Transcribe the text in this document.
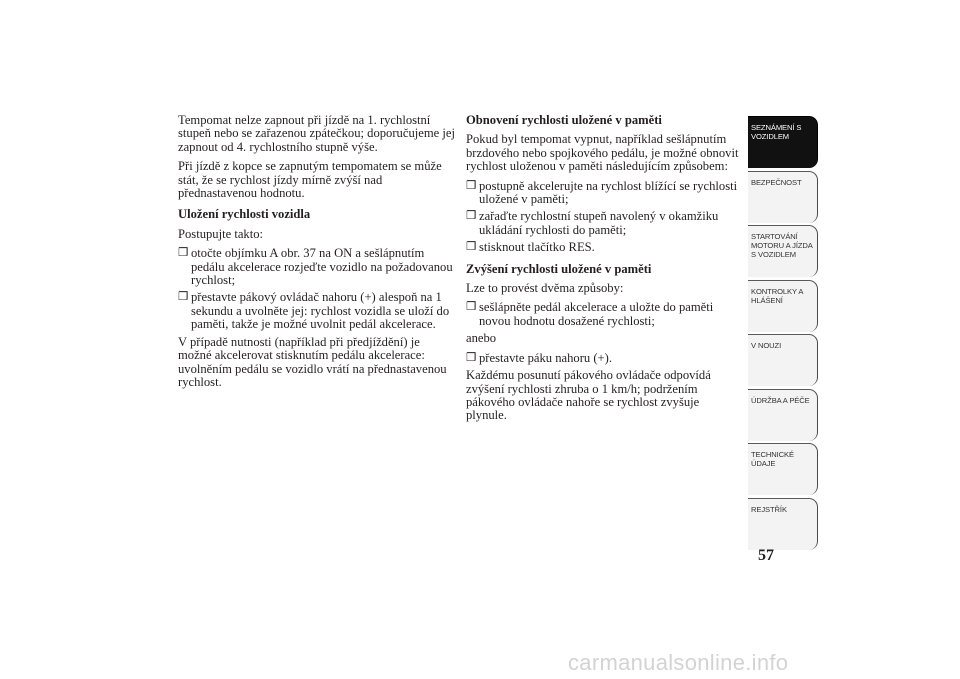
Tempomat nelze zapnout při jízdě na 1. rychlostní stupeň nebo se zařazenou zpátečkou; doporučujeme jej zapnout od 4. rychlostního stupně výše.

Při jízdě z kopce se zapnutým tempomatem se může stát, že se rychlost jízdy mírně zvýší nad přednastavenou hodnotu.

Uložení rychlosti vozidla

Postupujte takto:

❒ otočte objímku A obr. 37 na ON a sešlápnutím pedálu akcelerace rozjeďte vozidlo na požadovanou rychlost;
❒ přestavte pákový ovládač nahoru (+) alespoň na 1 sekundu a uvolněte jej: rychlost vozidla se uloží do paměti, takže je možné uvolnit pedál akcelerace.

V případě nutnosti (například při předjíždění) je možné akcelerovat stisknutím pedálu akcelerace: uvolněním pedálu se vozidlo vrátí na přednastavenou rychlost.

Obnovení rychlosti uložené v paměti

Pokud byl tempomat vypnut, například sešlápnutím brzdového nebo spojkového pedálu, je možné obnovit rychlost uloženou v paměti následujícím způsobem:

❒ postupně akcelerujte na rychlost blížící se rychlosti uložené v paměti;
❒ zařaďte rychlostní stupeň navolený v okamžiku ukládání rychlosti do paměti;
❒ stisknout tlačítko RES.
Zvýšení rychlosti uložené v paměti

Lze to provést dvěma způsoby:

❒ sešlápněte pedál akcelerace a uložte do paměti novou hodnotu dosažené rychlosti;

anebo

❒ přestavte páku nahoru (+).

Každému posunutí pákového ovládače odpovídá zvýšení rychlosti zhruba o 1 km/h; podržením pákového ovládače nahoře se rychlost zvyšuje plynule.

SEZNÁMENÍ S VOZIDLEM
BEZPEČNOST
STARTOVÁNÍ MOTORU A JÍZDA S VOZIDLEM
KONTROLKY A HLÁŠENÍ
V NOUZI
ÚDRŽBA A PÉČE
TECHNICKÉ ÚDAJE
REJSTŘÍK
57
carmanualsonline.info
